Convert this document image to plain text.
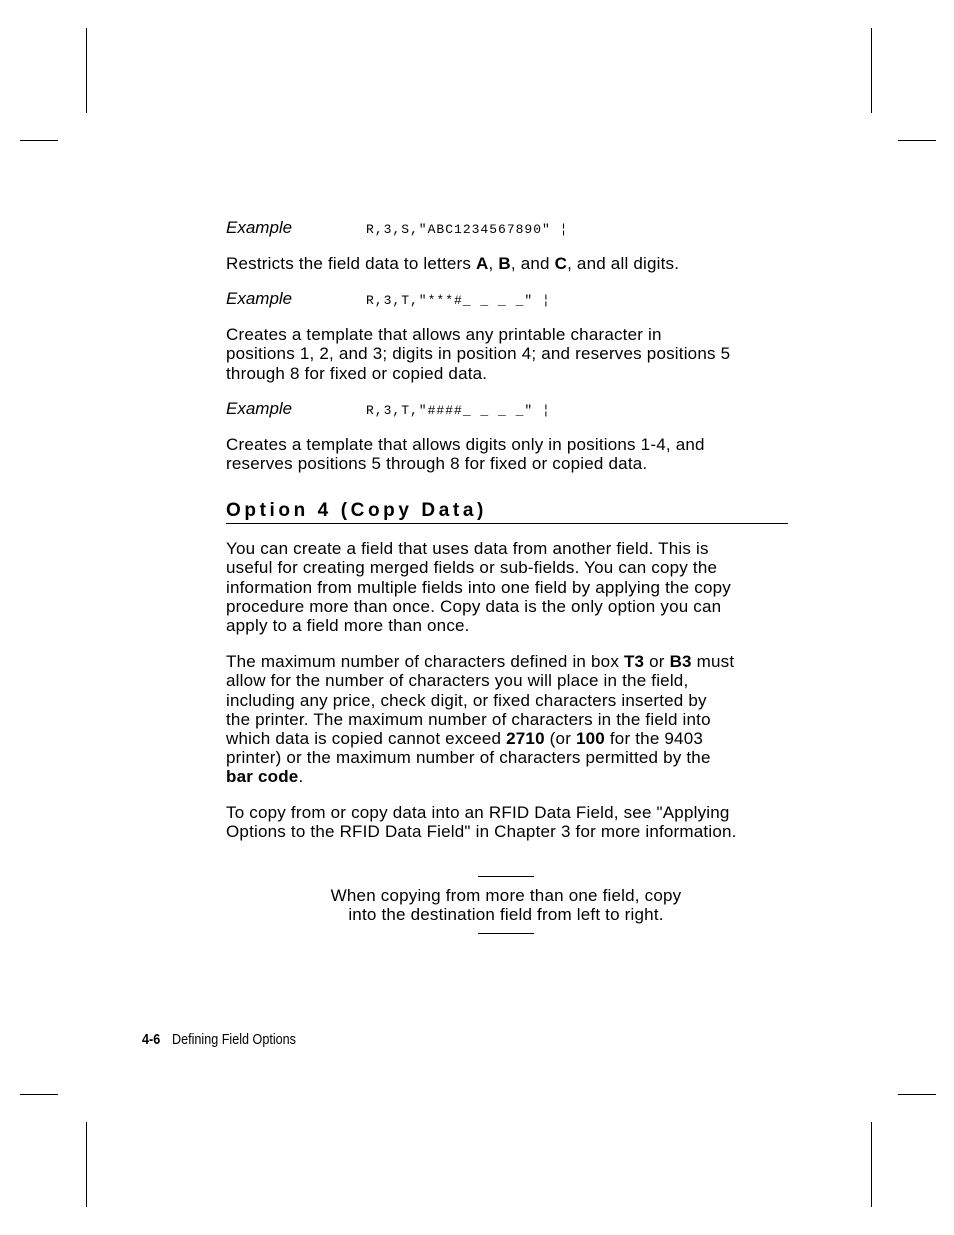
Example	R,3,S,"ABC1234567890" ¦

Restricts the field data to letters A, B, and C, and all digits.

Example	R,3,T,"***#_ _ _ _" ¦

Creates a template that allows any printable character in
positions 1, 2, and 3; digits in position 4; and reserves positions 5
through 8 for fixed or copied data.

Example	R,3,T,"####_ _ _ _" ¦

Creates a template that allows digits only in positions 1-4, and
reserves positions 5 through 8 for fixed or copied data.

Option 4 (Copy Data)

You can create a field that uses data from another field. This is
useful for creating merged fields or sub-fields. You can copy the
information from multiple fields into one field by applying the copy
procedure more than once. Copy data is the only option you can
apply to a field more than once.

The maximum number of characters defined in box T3 or B3 must
allow for the number of characters you will place in the field,
including any price, check digit, or fixed characters inserted by
the printer. The maximum number of characters in the field into
which data is copied cannot exceed 2710 (or 100 for the 9403
printer) or the maximum number of characters permitted by the
bar code.

To copy from or copy data into an RFID Data Field, see "Applying
Options to the RFID Data Field" in Chapter 3 for more information.

When copying from more than one field, copy
into the destination field from left to right.

4-6 Defining Field Options
